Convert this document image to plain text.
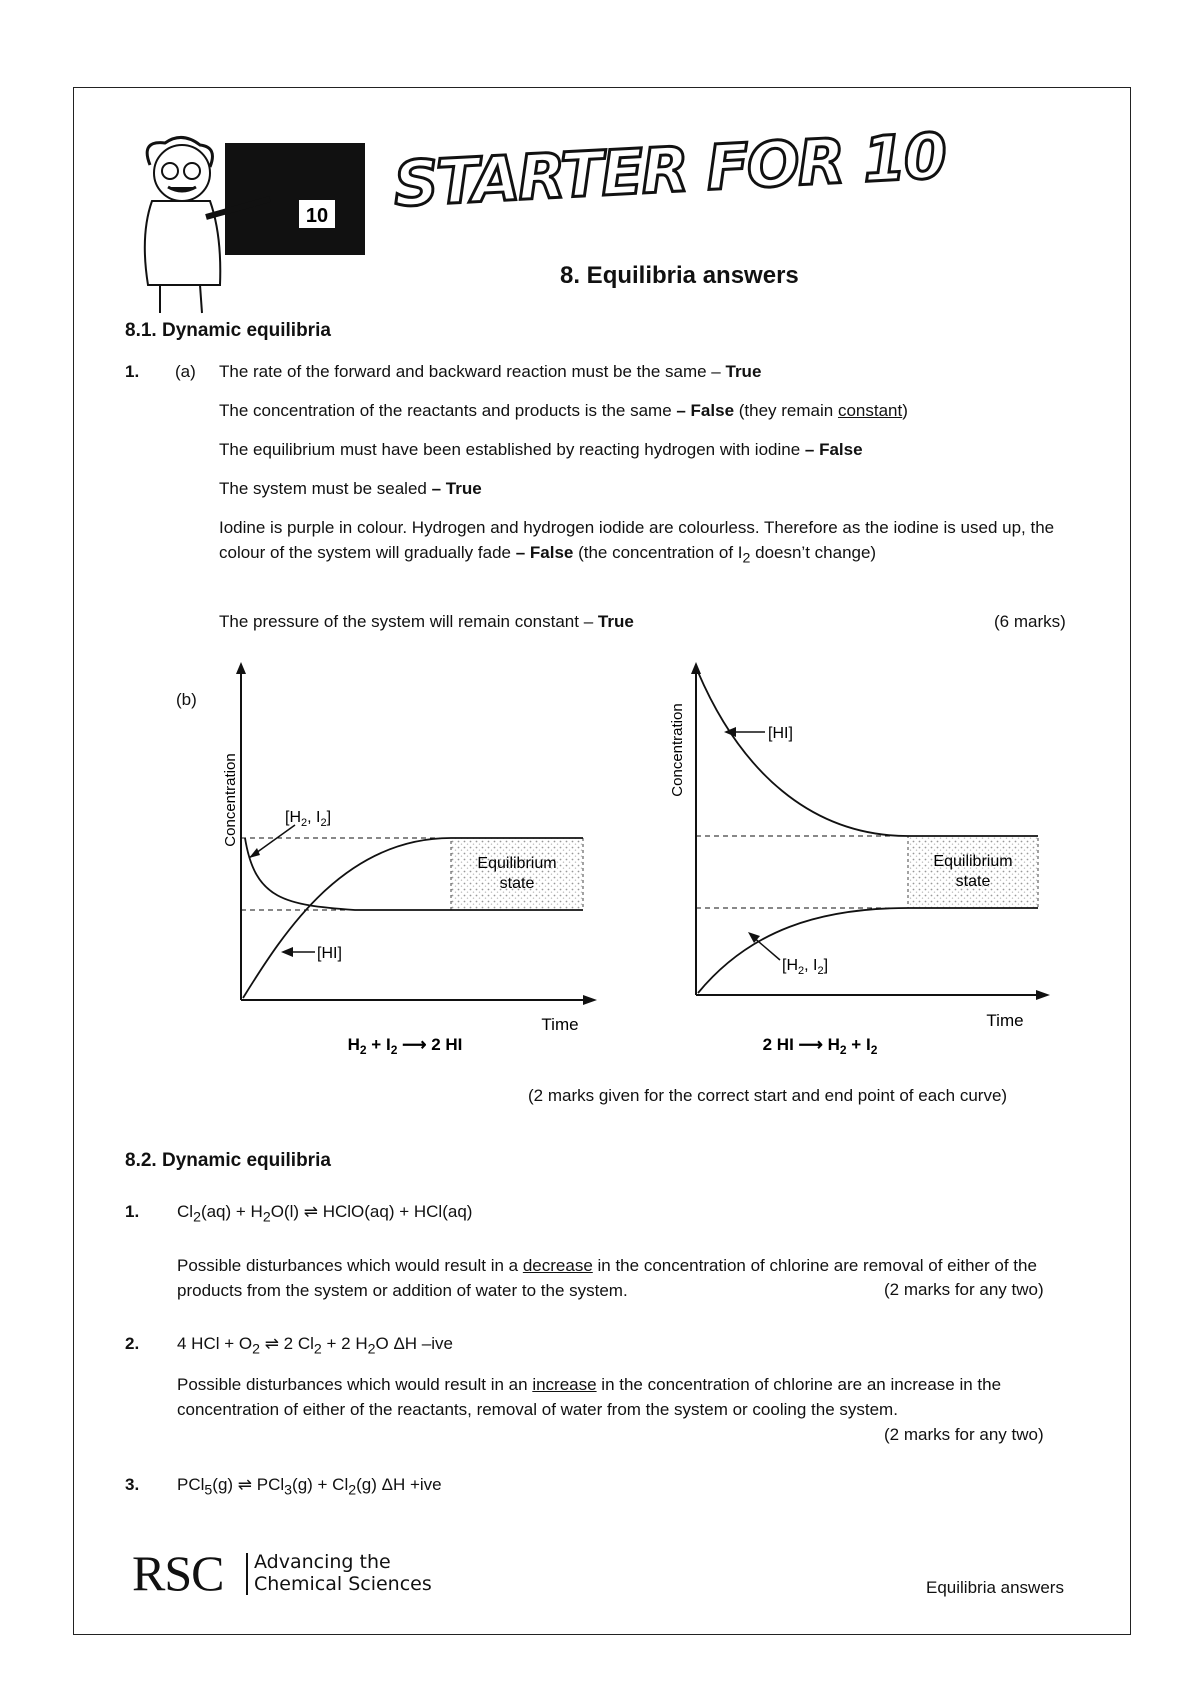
10 STARTER FOR 10
8. Equilibria answers
8.1. Dynamic equilibria
1. (a) The rate of the forward and backward reaction must be the same – True
The concentration of the reactants and products is the same – False (they remain constant)
The equilibrium must have been established by reacting hydrogen with iodine – False
The system must be sealed – True
Iodine is purple in colour. Hydrogen and hydrogen iodide are colourless. Therefore as the iodine is used up, the colour of the system will gradually fade – False (the concentration of $I_2$ doesn’t change)
The pressure of the system will remain constant – True	(6 marks)
(b)
Concentration	[$H_2$, $I_2$]
[HI]
Equilibrium
state
Time
$H_2 + I_2$ ⟶ 2 HI
Concentration	[HI]
[$H_2$, $I_2$]
Equilibrium
state
Time
2 HI ⟶ $H_2 + I_2$
(2 marks given for the correct start and end point of each curve)
8.2. Dynamic equilibria
1. $Cl_2(aq) + H_2O(l)$ ⇌ HClO(aq) + HCl(aq)
Possible disturbances which would result in a decrease in the concentration of chlorine are removal of either of the products from the system or addition of water to the system.	(2 marks for any two)
2. 4 HCl + $O_2$ ⇌ 2 $Cl_2 + 2$ $H_2O$ ΔH –ive
Possible disturbances which would result in an increase in the concentration of chlorine are an increase in the concentration of either of the reactants, removal of water from the system or cooling the system.
(2 marks for any two)
3. PCl$_5$(g) ⇌ $PCl_3(g) + Cl_2(g)$ ΔH +ive
RSC Advancing the
Chemical Sciences	Equilibria answers
